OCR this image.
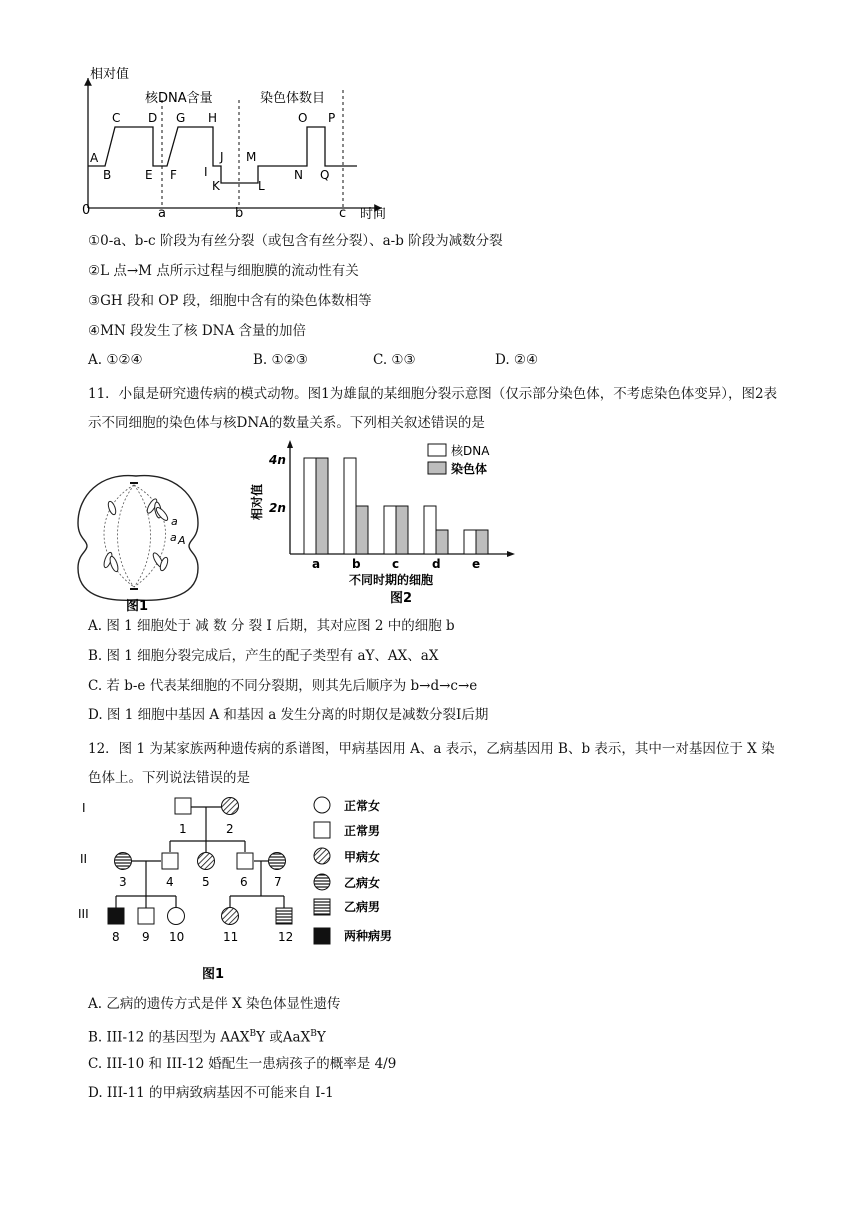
相对值
时间
0	a	b	c
核DNA含量	染色体数目
A
B
C D
E F
G H
I
J
K	L
M
N
O P
Q
①0-a、b-c 阶段为有丝分裂（或包含有丝分裂）、a-b 阶段为减数分裂
②L 点→M 点所示过程与细胞膜的流动性有关
③GH 段和 OP 段，细胞中含有的染色体数相等
④MN 段发生了核 DNA 含量的加倍
A. ①②④	B. ①②③	C. ①③	D. ②④
11．小鼠是研究遗传病的模式动物。图1为雄鼠的某细胞分裂示意图（仅示部分染色体，不考虑染色体变异），图2表示不同细胞的染色体与核DNA的数量关系。下列相关叙述错误的是
a
a A
图1
4n
2n
a	b	c	d	e
相对值
不同时期的细胞
图2
核DNA
染色体
A. 图 1 细胞处于 减 数 分 裂 Ⅰ 后期，其对应图 2 中的细胞 b
B. 图 1 细胞分裂完成后，产生的配子类型有 aY、AX、aX
C. 若 b-e 代表某细胞的不同分裂期，则其先后顺序为 b→d→c→e
D. 图 1 细胞中基因 A 和基因 a 发生分离的时期仅是减数分裂Ⅰ后期
12．图 1 为某家族两种遗传病的系谱图，甲病基因用 A、a 表示，乙病基因用 B、b 表示，其中一对基因位于 X 染色体上。下列说法错误的是
I
II
III
1	2
3	4 5	6 7
8 9 10	11	12
正常女
正常男
甲病女
乙病女
乙病男
两种病男
图1
A. 乙病的遗传方式是伴 X 染色体显性遗传
B. III-12 的基因型为 $AAX^BY$ 或AaX$^B$Y
C. III-10 和 III-12 婚配生一患病孩子的概率是 4/9
D. III-11 的甲病致病基因不可能来自 I-1
